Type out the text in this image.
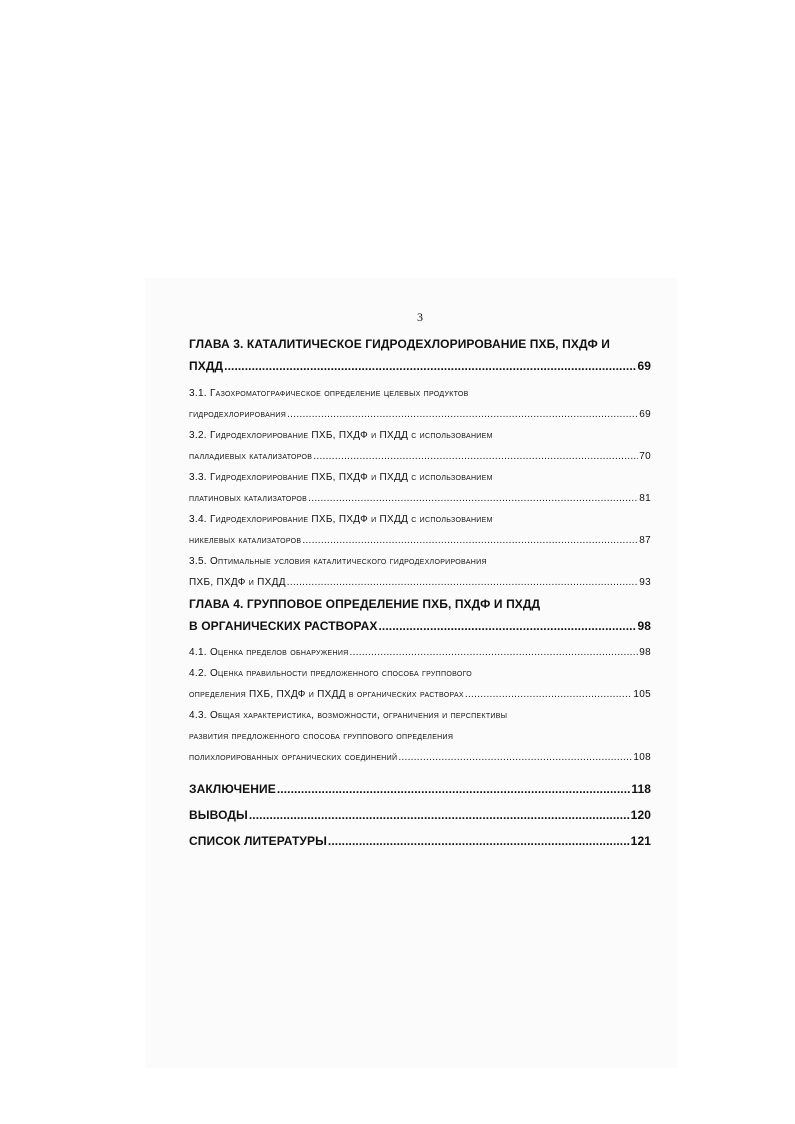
3
ГЛАВА 3. КАТАЛИТИЧЕСКОЕ ГИДРОДЕХЛОРИРОВАНИЕ ПХБ, ПХДФ И
ПХДД .....	69
3.1. Газохроматографическое определение целевых продуктов
гидродехлорирования .....	69
3.2. Гидродехлорирование ПХБ, ПХДФ и ПХДД с использованием
палладиевых катализаторов .....	70
3.3. Гидродехлорирование ПХБ, ПХДФ и ПХДД с использованием
платиновых катализаторов .....	81
3.4. Гидродехлорирование ПХБ, ПХДФ и ПХДД с использованием
никелевых катализаторов .....	87
3.5. Оптимальные условия каталитического гидродехлорирования
ПХБ, ПХДФ и ПХДД .....	93
ГЛАВА 4. ГРУППОВОЕ ОПРЕДЕЛЕНИЕ ПХБ, ПХДФ И ПХДД
В ОРГАНИЧЕСКИХ РАСТВОРАХ .....	98
4.1. Оценка пределов обнаружения .....	98
4.2. Оценка правильности предложенного способа группового
определения ПХБ, ПХДФ и ПХДД в органических растворах .....	105
4.3. Общая характеристика, возможности, ограничения и перспективы
развития предложенного способа группового определения
полихлорированных органических соединений .....	108
ЗАКЛЮЧЕНИЕ .....	118
ВЫВОДЫ .....	120
СПИСОК ЛИТЕРАТУРЫ .....	121
